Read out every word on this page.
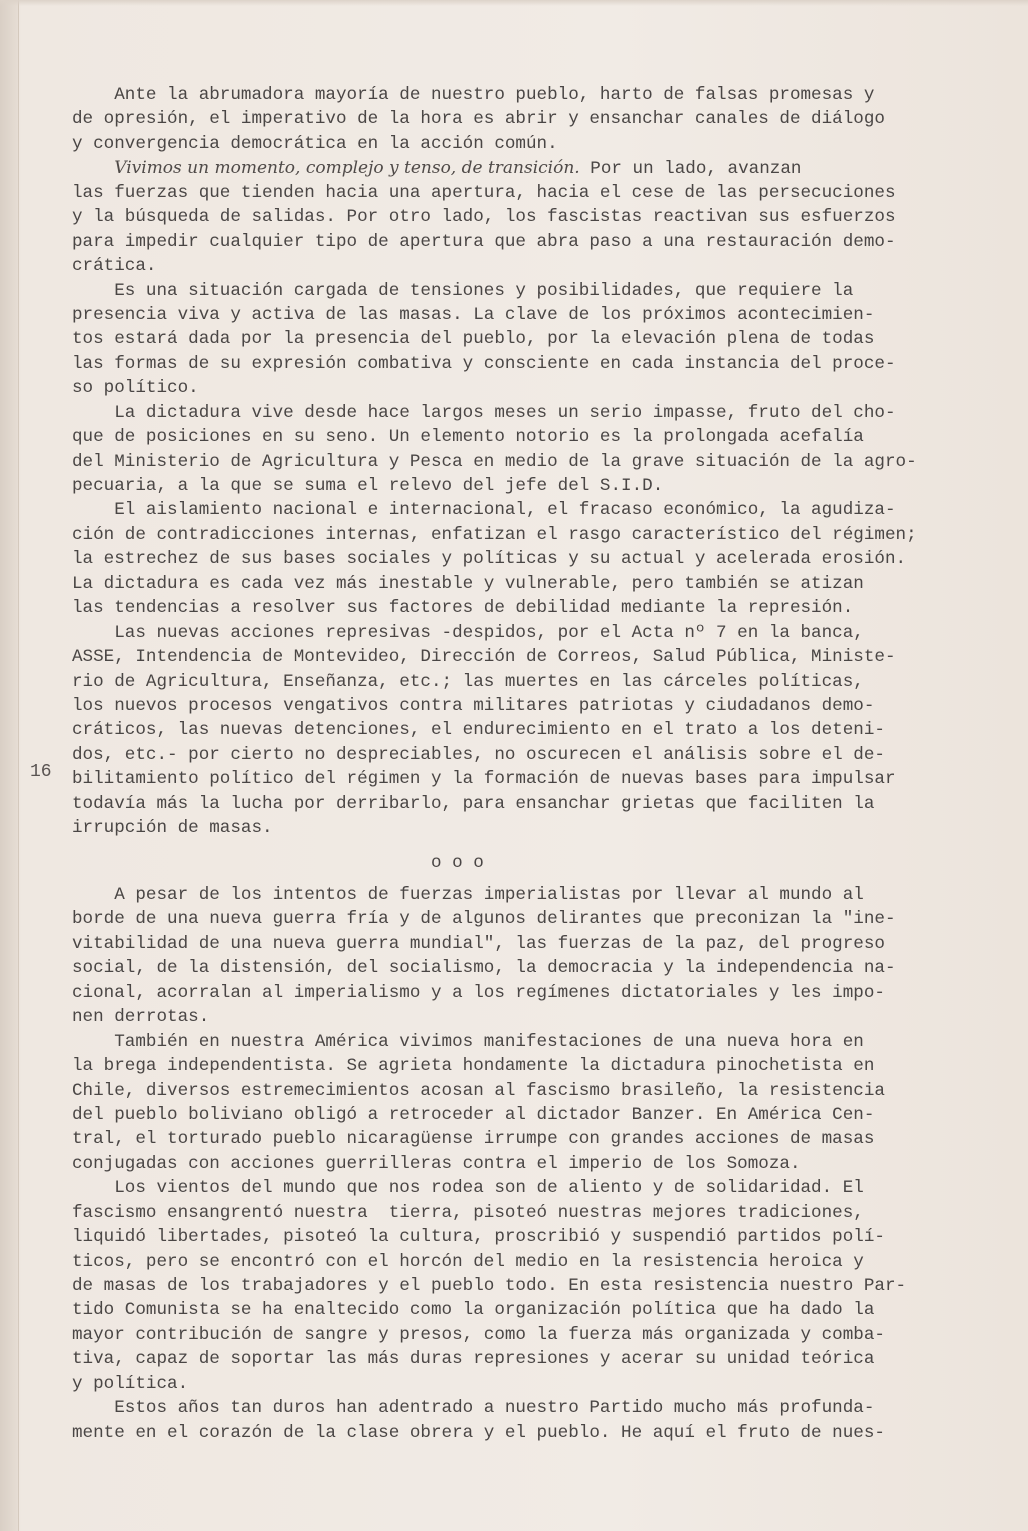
16
Ante la abrumadora mayoría de nuestro pueblo, harto de falsas promesas y
de opresión, el imperativo de la hora es abrir y ensanchar canales de diálogo
y convergencia democrática en la acción común.
Vivimos un momento, complejo y tenso, de transición. Por un lado, avanzan
las fuerzas que tienden hacia una apertura, hacia el cese de las persecuciones
y la búsqueda de salidas. Por otro lado, los fascistas reactivan sus esfuerzos
para impedir cualquier tipo de apertura que abra paso a una restauración demo-
crática.
Es una situación cargada de tensiones y posibilidades, que requiere la
presencia viva y activa de las masas. La clave de los próximos acontecimien-
tos estará dada por la presencia del pueblo, por la elevación plena de todas
las formas de su expresión combativa y consciente en cada instancia del proce-
so político.
La dictadura vive desde hace largos meses un serio impasse, fruto del cho-
que de posiciones en su seno. Un elemento notorio es la prolongada acefalía
del Ministerio de Agricultura y Pesca en medio de la grave situación de la agro-
pecuaria, a la que se suma el relevo del jefe del S.I.D.
El aislamiento nacional e internacional, el fracaso económico, la agudiza-
ción de contradicciones internas, enfatizan el rasgo característico del régimen;
la estrechez de sus bases sociales y políticas y su actual y acelerada erosión.
La dictadura es cada vez más inestable y vulnerable, pero también se atizan
las tendencias a resolver sus factores de debilidad mediante la represión.
Las nuevas acciones represivas -despidos, por el Acta nº 7 en la banca,
ASSE, Intendencia de Montevideo, Dirección de Correos, Salud Pública, Ministe-
rio de Agricultura, Enseñanza, etc.; las muertes en las cárceles políticas,
los nuevos procesos vengativos contra militares patriotas y ciudadanos demo-
cráticos, las nuevas detenciones, el endurecimiento en el trato a los deteni-
dos, etc.- por cierto no despreciables, no oscurecen el análisis sobre el de-
bilitamiento político del régimen y la formación de nuevas bases para impulsar
todavía más la lucha por derribarlo, para ensanchar grietas que faciliten la
irrupción de masas.
o o o
A pesar de los intentos de fuerzas imperialistas por llevar al mundo al
borde de una nueva guerra fría y de algunos delirantes que preconizan la "ine-
vitabilidad de una nueva guerra mundial", las fuerzas de la paz, del progreso
social, de la distensión, del socialismo, la democracia y la independencia na-
cional, acorralan al imperialismo y a los regímenes dictatoriales y les impo-
nen derrotas.
También en nuestra América vivimos manifestaciones de una nueva hora en
la brega independentista. Se agrieta hondamente la dictadura pinochetista en
Chile, diversos estremecimientos acosan al fascismo brasileño, la resistencia
del pueblo boliviano obligó a retroceder al dictador Banzer. En América Cen-
tral, el torturado pueblo nicaragüense irrumpe con grandes acciones de masas
conjugadas con acciones guerrilleras contra el imperio de los Somoza.
Los vientos del mundo que nos rodea son de aliento y de solidaridad. El
fascismo ensangrentó nuestra  tierra, pisoteó nuestras mejores tradiciones,
liquidó libertades, pisoteó la cultura, proscribió y suspendió partidos polí-
ticos, pero se encontró con el horcón del medio en la resistencia heroica y
de masas de los trabajadores y el pueblo todo. En esta resistencia nuestro Par-
tido Comunista se ha enaltecido como la organización política que ha dado la
mayor contribución de sangre y presos, como la fuerza más organizada y comba-
tiva, capaz de soportar las más duras represiones y acerar su unidad teórica
y política.
Estos años tan duros han adentrado a nuestro Partido mucho más profunda-
mente en el corazón de la clase obrera y el pueblo. He aquí el fruto de nues-
